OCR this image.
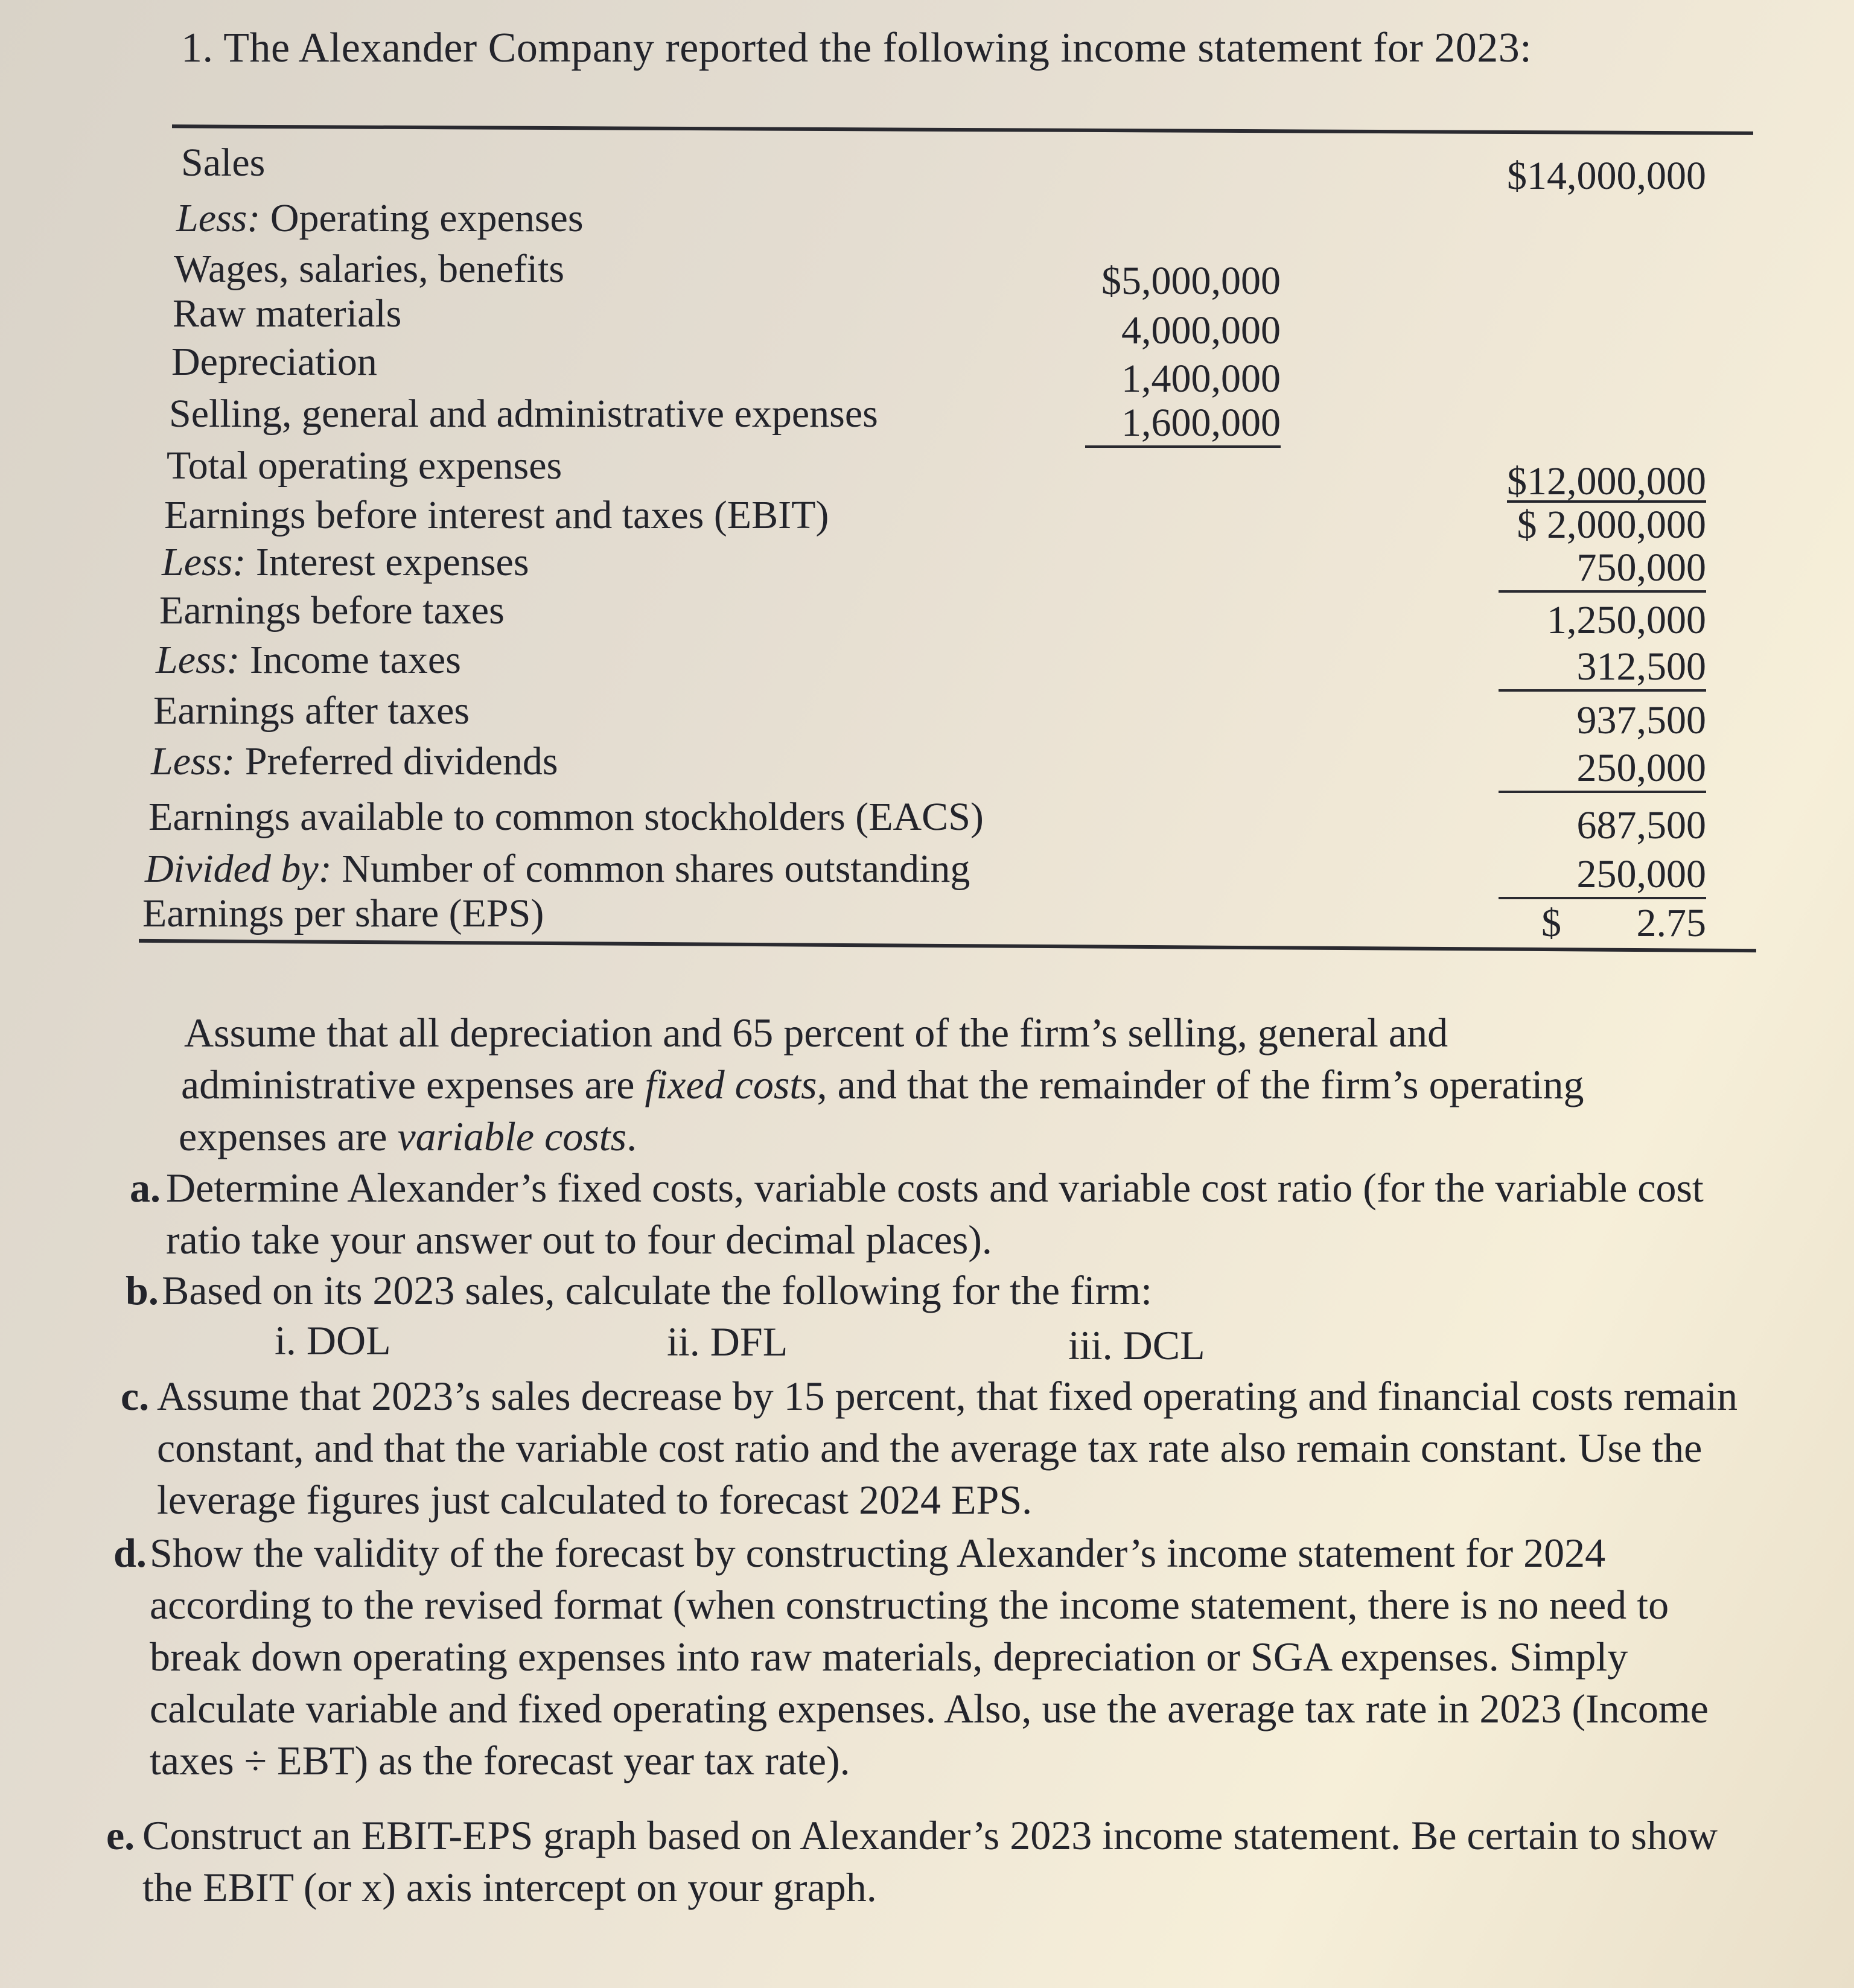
1. The Alexander Company reported the following income statement for 2023:
Sales	$14,000,000
Less: Operating expenses
Wages, salaries, benefits	$5,000,000
Raw materials	4,000,000
Depreciation	1,400,000
Selling, general and administrative expenses	1,600,000
Total operating expenses	$12,000,000
Earnings before interest and taxes (EBIT)	$ 2,000,000
Less: Interest expenses	750,000
Earnings before taxes	1,250,000
Less: Income taxes	312,500
Earnings after taxes	937,500
Less: Preferred dividends	250,000
Earnings available to common stockholders (EACS)	687,500
Divided by: Number of common shares outstanding	250,000
Earnings per share (EPS)	$ 2.75
Assume that all depreciation and 65 percent of the firm’s selling, general and
administrative expenses are fixed costs, and that the remainder of the firm’s operating
expenses are variable costs.
a. Determine Alexander’s fixed costs, variable costs and variable cost ratio (for the variable cost ratio take your answer out to four decimal places).
b. Based on its 2023 sales, calculate the following for the firm:
i. DOL	ii. DFL	iii. DCL
c. Assume that 2023’s sales decrease by 15 percent, that fixed operating and financial costs remain constant, and that the variable cost ratio and the average tax rate also remain constant. Use the leverage figures just calculated to forecast 2024 EPS.
d. Show the validity of the forecast by constructing Alexander’s income statement for 2024 according to the revised format (when constructing the income statement, there is no need to break down operating expenses into raw materials, depreciation or SGA expenses. Simply calculate variable and fixed operating expenses. Also, use the average tax rate in 2023 (Income taxes ÷ EBT) as the forecast year tax rate).
e. Construct an EBIT-EPS graph based on Alexander’s 2023 income statement. Be certain to show the EBIT (or x) axis intercept on your graph.
